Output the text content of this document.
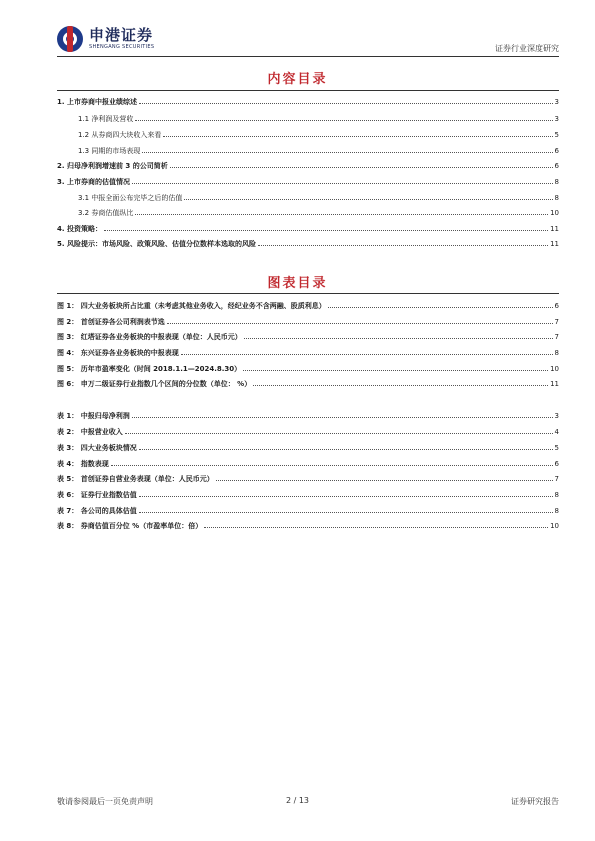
申港证券
SHENGANG SECURITIES	证券行业深度研究
内容目录
1. 上市券商中报业绩综述	3
1.1 净利润及营收	3
1.2 从券商四大块收入来看	5
1.3 同期的市场表现	6
2. 归母净利润增速前 3 的公司简析	6
3. 上市券商的估值情况	8
3.1 中报全面公布完毕之后的估值	8
3.2 券商估值纵比	10
4. 投资策略：	11
5. 风险提示：市场风险、政策风险、估值分位数样本选取的风险	11
图表目录
图 1： 四大业务板块所占比重（未考虑其他业务收入，经纪业务不含两融、股质利息）	6
图 2： 首创证券各公司利润表节选	7
图 3： 红塔证券各业务板块的中报表现（单位：人民币元）	7
图 4： 东兴证券各业务板块的中报表现	8
图 5： 历年市盈率变化（时间 2018.1.1—2024.8.30）	10
图 6： 申万二级证券行业指数几个区间的分位数（单位： %）	11
表 1： 中报归母净利润	3
表 2： 中报营业收入	4
表 3： 四大业务板块情况	5
表 4： 指数表现	6
表 5： 首创证券自营业务表现（单位：人民币元）	7
表 6： 证券行业指数估值	8
表 7： 各公司的具体估值	8
表 8： 券商估值百分位 %（市盈率单位：倍）	10
敬请参阅最后一页免责声明	2 / 13	证券研究报告
